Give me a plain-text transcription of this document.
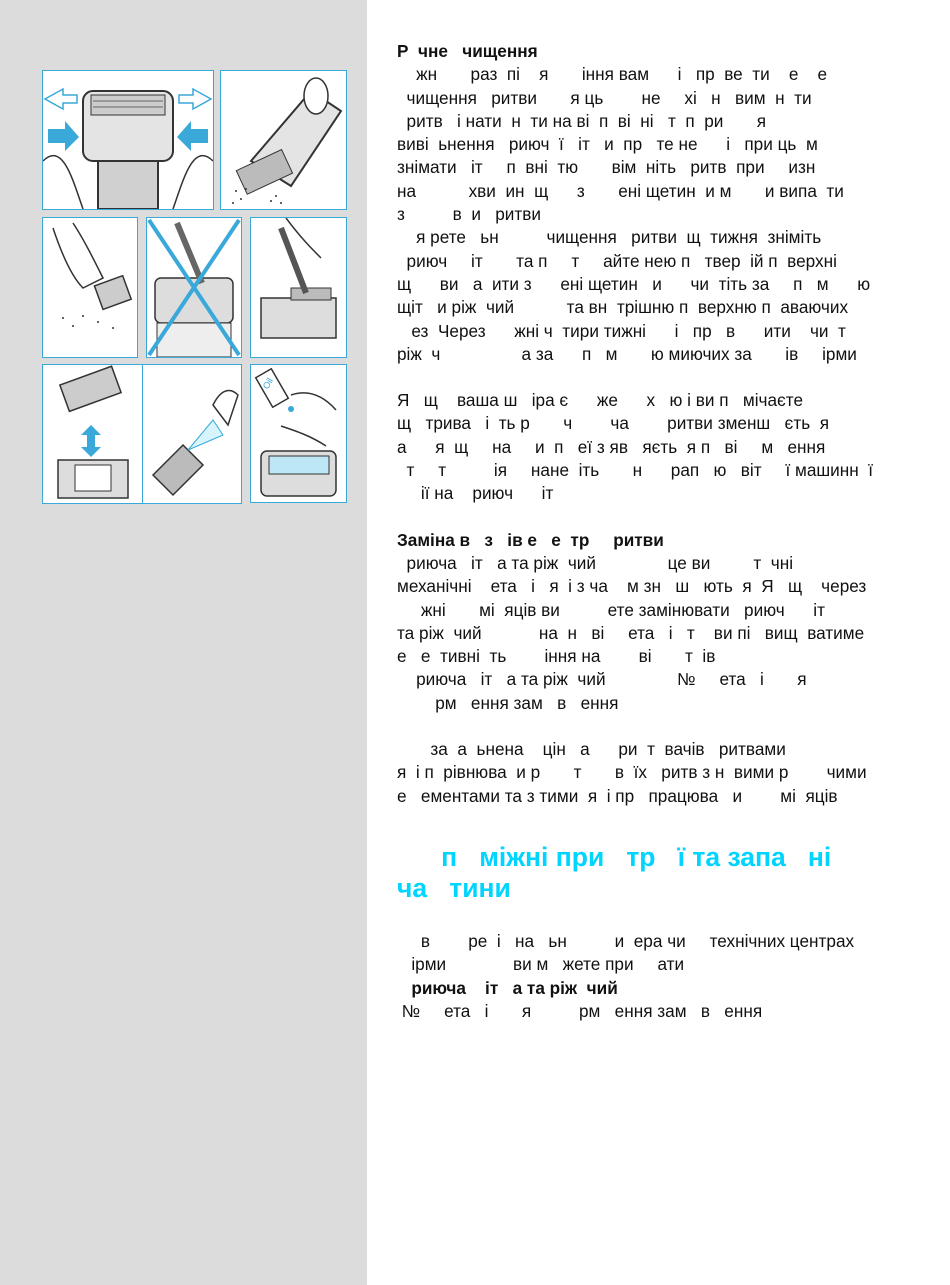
Oil

Р  чне   чищення

жн       раз  пі    я       іння вам      і   пр  ве  ти    е    е

чищення   ритви       я ць        не     хі   н   вим  н  ти

ритв   і нати  н  ти на ві  п  ві  ні   т  п  ри       я

виві  ьнення   риюч  ї   іт   и  пр   те не      і   при ць  м

знімати   іт     п  вні  тю       вім  ніть   ритв  при     изн

на           хви  ин  щ      з       ені щетин  и м       и випа  ти

з          в  и   ритви

я рете   ьн          чищення   ритви  щ  тижня  зніміть

риюч     іт       та п     т     айте нею п   твер  ій п  верхні

щ      ви   а  ити з      ені щетин   и      чи  тіть за     п   м      ю

щіт   и ріж  чий           та вн  трішню п  верхню п  аваючих

ез  Через      жні ч  тири тижні      і   пр   в      ити    чи  т

ріж  ч                 а за      п   м       ю миючих за       ів     ірми

Я   щ    ваша ш   іра є      же      х   ю і ви п   мічаєте

щ   трива   і  ть р       ч        ча        ритви зменш   єть  я

а      я  щ     на     и  п   еї з яв   яєть  я п   ві     м   ення

т     т          ія     нане  іть       н      рап   ю   віт     ї машинн  ї

ії на    риюч      іт

Заміна в   з   ів е   е  тр     ритви

риюча   іт   а та ріж  чий               це ви         т  чні

механічні    ета   і   я  і з ча    м зн   ш   ють  я  Я   щ    через

жні       мі  яців ви          ете замінювати   риюч      іт

та ріж  чий            на  н   ві     ета   і   т    ви пі   вищ  ватиме

е   е  тивні  ть        іння на        ві       т  ів

риюча   іт   а та ріж  чий               №     ета   і       я

рм   ення зам   в   ення

за  а  ьнена    цін   а      ри  т  вачів   ритвами

я  і п  рівнюва  и р       т       в  їх   ритв з н  вими р        чими

е   ементами та з тими  я  і пр   працюва   и        мі  яців

п   міжні при   тр   ї та запа   ні

ча   тини

в        ре  і   на   ьн          и  ера чи     технічних центрах

ірми              ви м   жете при     ати

риюча    іт   а та ріж  чий

№     ета   і       я          рм   ення зам   в   ення
